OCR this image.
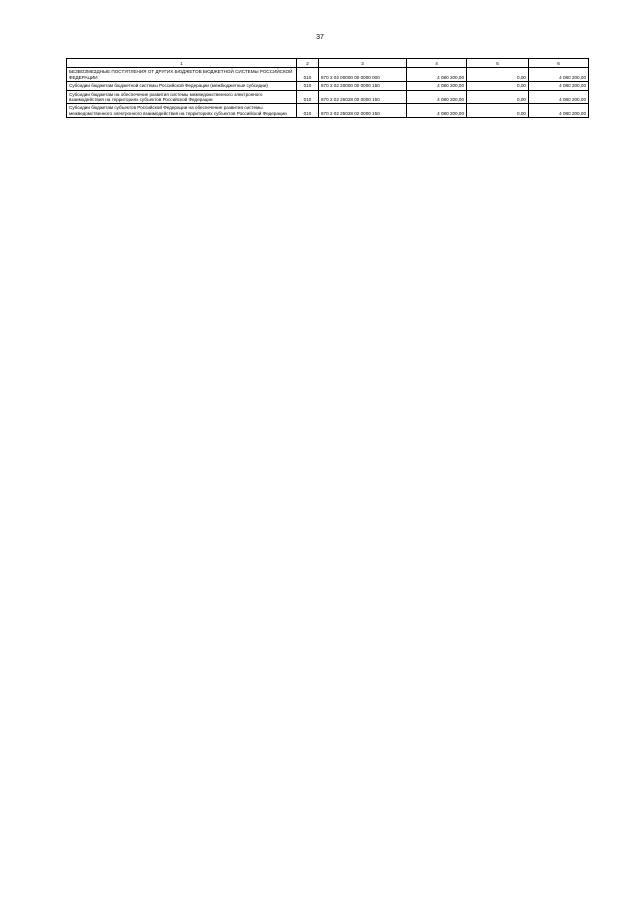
37
1	2	3	4	5	6
БЕЗВОЗМЕЗДНЫЕ ПОСТУПЛЕНИЯ ОТ ДРУГИХ БЮДЖЕТОВ БЮДЖЕТНОЙ СИСТЕМЫ РОССИЙСКОЙ ФЕДЕРАЦИИ	010	870 2 02 00000 00 0000 000	4 080 200,00	0,00	4 080 200,00
Субсидии бюджетам бюджетной системы Российской Федерации (межбюджетные субсидии)	010	870 2 02 20000 00 0000 150	4 080 200,00	0,00	4 080 200,00
Субсидии бюджетам на обеспечение развития системы межведомственного электронного взаимодействия на территориях субъектов Российской Федерации	010	870 2 02 25028 00 0000 150	4 080 200,00	0,00	4 080 200,00
Субсидии бюджетам субъектов Российской Федерации на обеспечение развития системы межведомственного электронного взаимодействия на территориях субъектов Российской Федерации	010	870 2 02 25028 02 0000 150	4 080 200,00	0,00	4 080 200,00
